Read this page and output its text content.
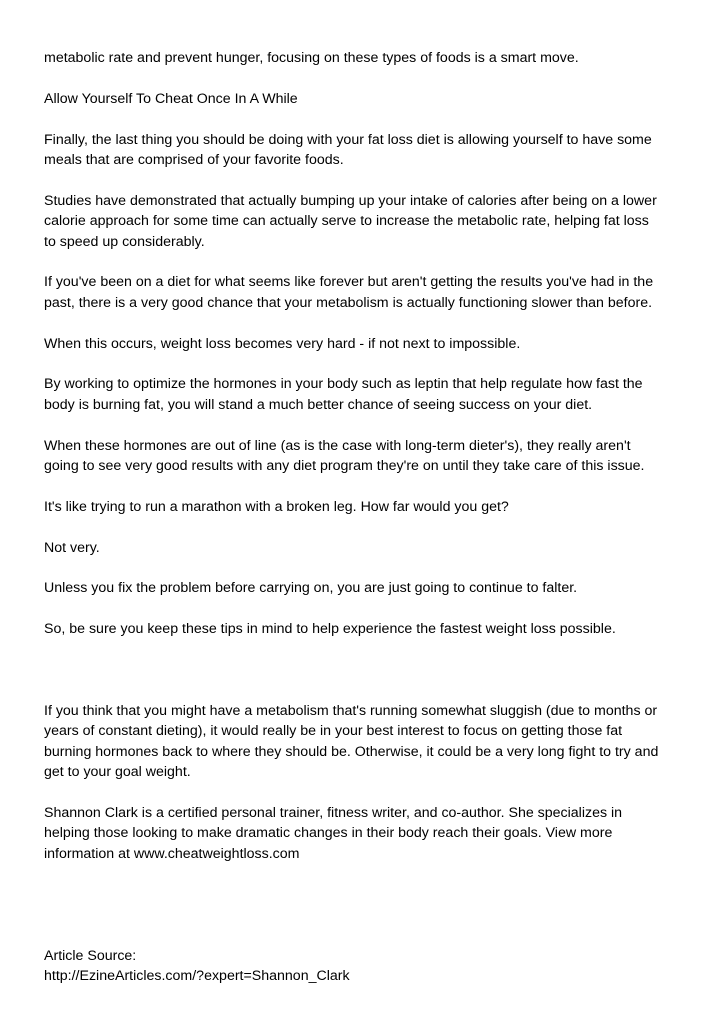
metabolic rate and prevent hunger, focusing on these types of foods is a smart move.

Allow Yourself To Cheat Once In A While

Finally, the last thing you should be doing with your fat loss diet is allowing yourself to have some
meals that are comprised of your favorite foods.

Studies have demonstrated that actually bumping up your intake of calories after being on a lower
calorie approach for some time can actually serve to increase the metabolic rate, helping fat loss
to speed up considerably.

If you've been on a diet for what seems like forever but aren't getting the results you've had in the
past, there is a very good chance that your metabolism is actually functioning slower than before.

When this occurs, weight loss becomes very hard - if not next to impossible.

By working to optimize the hormones in your body such as leptin that help regulate how fast the
body is burning fat, you will stand a much better chance of seeing success on your diet.

When these hormones are out of line (as is the case with long-term dieter's), they really aren't
going to see very good results with any diet program they're on until they take care of this issue.

It's like trying to run a marathon with a broken leg. How far would you get?

Not very.

Unless you fix the problem before carrying on, you are just going to continue to falter.

So, be sure you keep these tips in mind to help experience the fastest weight loss possible.

If you think that you might have a metabolism that's running somewhat sluggish (due to months or
years of constant dieting), it would really be in your best interest to focus on getting those fat
burning hormones back to where they should be. Otherwise, it could be a very long fight to try and
get to your goal weight.

Shannon Clark is a certified personal trainer, fitness writer, and co-author. She specializes in
helping those looking to make dramatic changes in their body reach their goals. View more
information at www.cheatweightloss.com

Article Source:
http://EzineArticles.com/?expert=Shannon_Clark
